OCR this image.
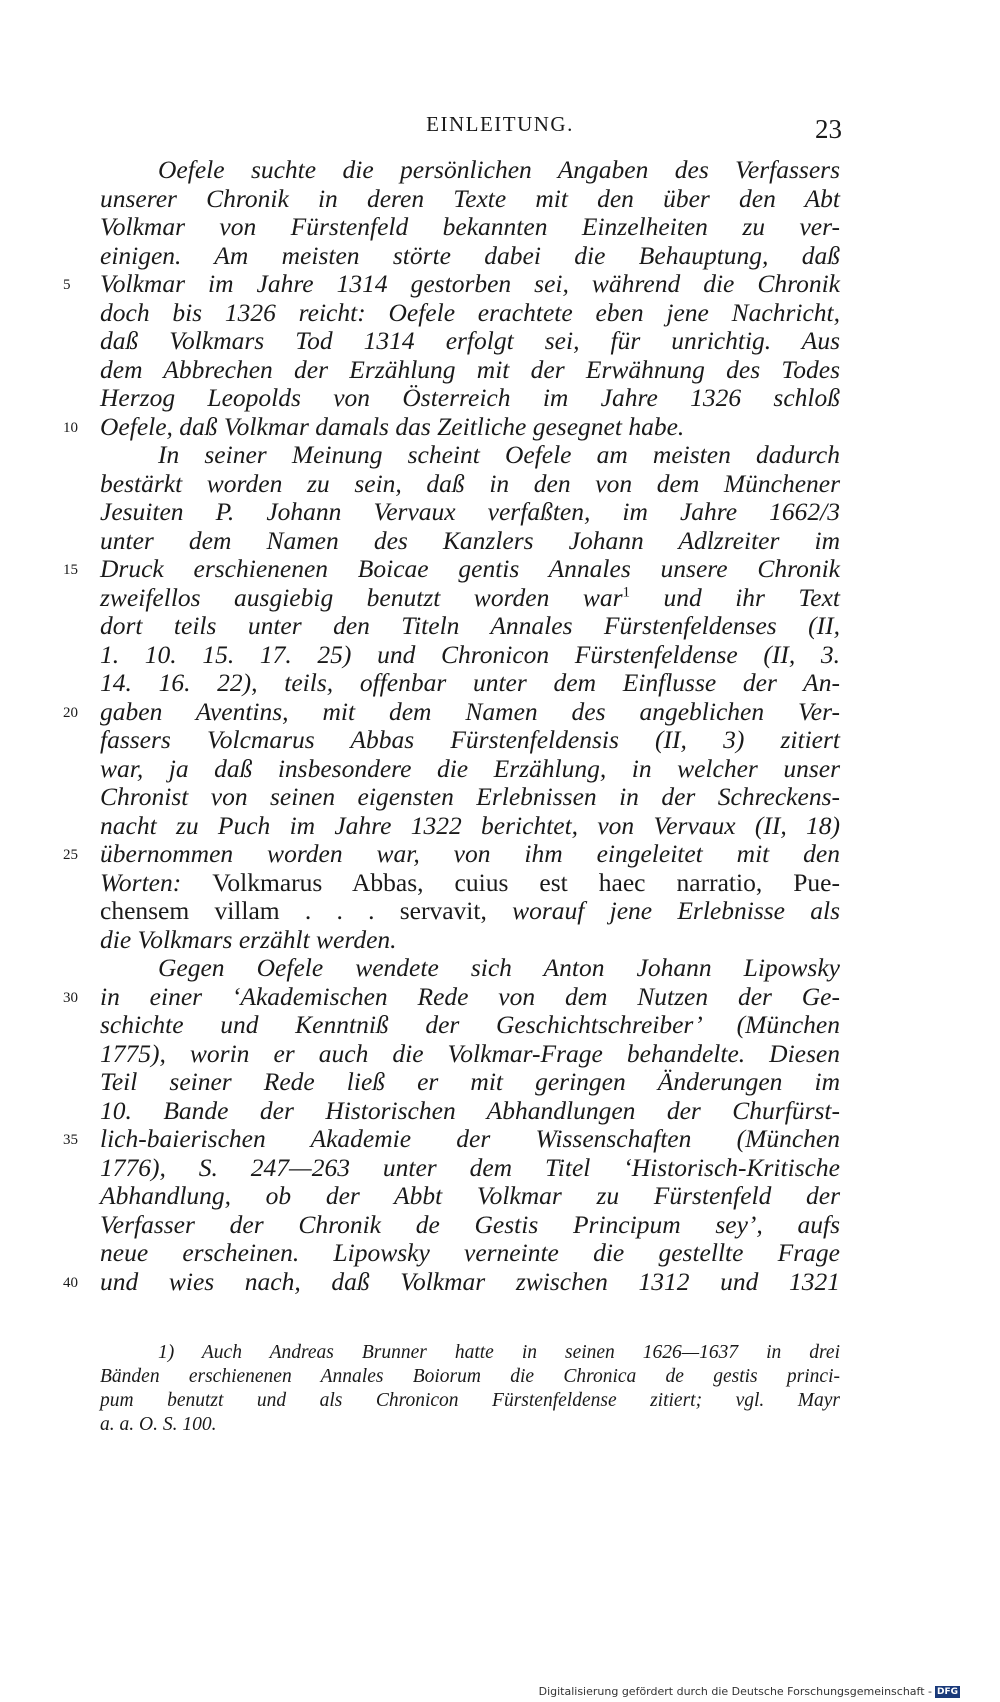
EINLEITUNG.	23
Oefele suchte die persönlichen Angaben des Verfassers
unserer Chronik in deren Texte mit den über den Abt
Volkmar von Fürstenfeld bekannten Einzelheiten zu ver-
einigen. Am meisten störte dabei die Behauptung, daß
5	Volkmar im Jahre 1314 gestorben sei, während die Chronik
doch bis 1326 reicht: Oefele erachtete eben jene Nachricht,
daß Volkmars Tod 1314 erfolgt sei, für unrichtig. Aus
dem Abbrechen der Erzählung mit der Erwähnung des Todes
Herzog Leopolds von Österreich im Jahre 1326 schloß
10 Oefele, daß Volkmar damals das Zeitliche gesegnet habe.
In seiner Meinung scheint Oefele am meisten dadurch
bestärkt worden zu sein, daß in den von dem Münchener
Jesuiten P. Johann Vervaux verfaßten, im Jahre 1662/3
unter dem Namen des Kanzlers Johann Adlzreiter im
15 Druck erschienenen Boicae gentis Annales unsere Chronik
zweifellos ausgiebig benutzt worden war$^1$ und ihr Text
dort teils unter den Titeln Annales Fürstenfeldenses (II,
1. 10. 15. 17. 25) und Chronicon Fürstenfeldense (II, 3.
14. 16. 22), teils, offenbar unter dem Einflusse der An-
20 gaben Aventins, mit dem Namen des angeblichen Ver-
fassers Volcmarus Abbas Fürstenfeldensis (II, 3) zitiert
war, ja daß insbesondere die Erzählung, in welcher unser
Chronist von seinen eigensten Erlebnissen in der Schreckens-
nacht zu Puch im Jahre 1322 berichtet, von Vervaux (II, 18)
25 übernommen worden war, von ihm eingeleitet mit den
Worten: Volkmarus Abbas, cuius est haec narratio, Pue-
chensem villam . . . servavit, worauf jene Erlebnisse als
die Volkmars erzählt werden.
Gegen Oefele wendete sich Anton Johann Lipowsky
30 in einer ‘Akademischen Rede von dem Nutzen der Ge-
schichte und Kenntniß der Geschichtschreiber’ (München
1775), worin er auch die Volkmar-Frage behandelte. Diesen
Teil seiner Rede ließ er mit geringen Änderungen im
10. Bande der Historischen Abhandlungen der Churfürst-
35 lich-baierischen Akademie der Wissenschaften (München
1776), S. 247—263 unter dem Titel ‘Historisch-Kritische
Abhandlung, ob der Abbt Volkmar zu Fürstenfeld der
Verfasser der Chronik de Gestis Principum sey’, aufs
neue erscheinen. Lipowsky verneinte die gestellte Frage
40 und wies nach, daß Volkmar zwischen 1312 und 1321
1) Auch Andreas Brunner hatte in seinen 1626—1637 in drei
Bänden erschienenen Annales Boiorum die Chronica de gestis princi-
pum benutzt und als Chronicon Fürstenfeldense zitiert; vgl. Mayr
a. a. O. S. 100.
Digitalisierung gefördert durch die Deutsche Forschungsgemeinschaft - DFG
